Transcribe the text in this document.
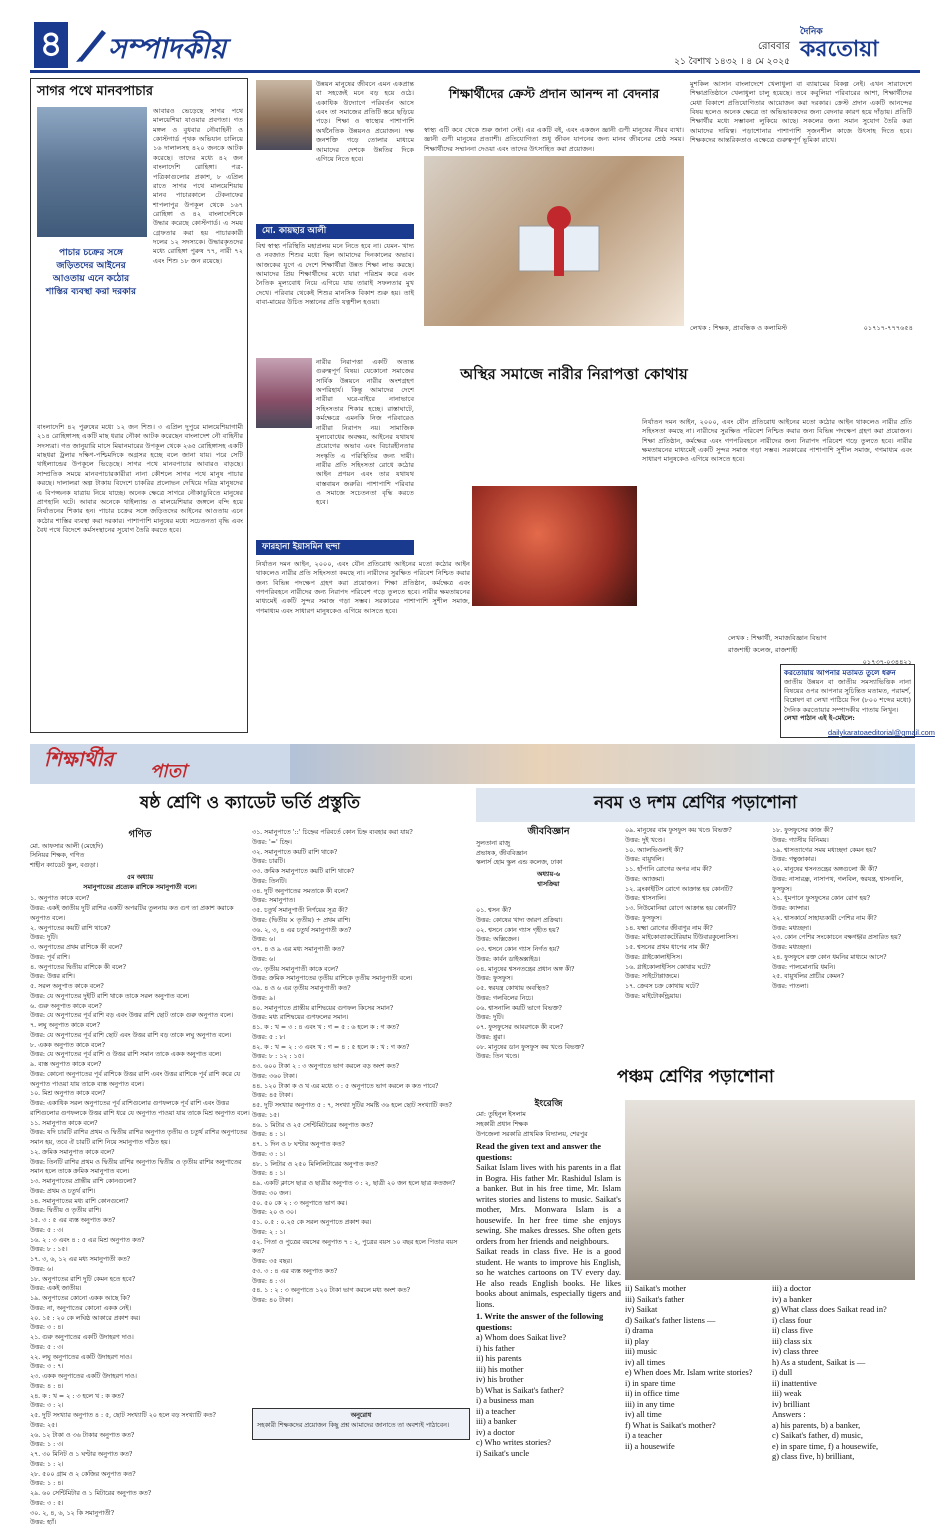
৪ সম্পাদকীয়	রোববার
২১ বৈশাখ ১৪৩২ । ৪ মে ২০২৫
দৈনিক
করতোয়া
সাগর পথে মানবপাচার
পাচার চক্রের সঙ্গে জড়িতদের আইনের আওতায় এনে কঠোর শাস্তির ব্যবস্থা করা দরকার
আবারও ভেড়েছে সাগর পথে মালয়েশিয়া যাওয়ার প্রবণতা। গত মঙ্গল ও বুধবার নৌবাহিনী ও কোস্টগার্ড পৃথক অভিযান চালিয়ে ১৬ দালালসহ ৪২০ জনকে আটক করেছে। তাদের মধ্যে ৪২ জন বাংলাদেশি রোহিঙ্গা। পত্র-পত্রিকাগুলোর প্রকাশ, ৮ এপ্রিল রাতে সাগর পথে মালয়েশিয়ায় মানব পাচারকালে টেকনাফের শাপলাপুর উপকূল থেকে ১৬৭ রোহিঙ্গা ও ৪২ বাংলাদেশিকে উদ্ধার করেছে কোস্টগার্ড। এ সময় গ্রেফতার করা হয় পাচারকারী দলের ১২ সদস্যকে। উদ্ধারকৃতদের মধ্যে রোহিঙ্গা পুরুষ ৭৭, নারী ৭২ এবং শিশু ১৮ জন রয়েছে।
বাংলাদেশি ৪২ পুরুষের মধ্যে ১২ জন শিশু। ৩ এপ্রিল দুপুরে মালয়েশিয়াগামী ২১৪ রোহিঙ্গাসহ একটি মাছ ধরার নৌকা আটক করেছেন বাংলাদেশ নৌ বাহিনীর সদস্যরা। গত জানুয়ারি মাসে মিয়ানমারের উপকূল থেকে ২৬৫ রোহিঙ্গাসহ একটি মাছধরা ট্রলার দক্ষিণ-পশ্চিমদিকে অগ্রসর হচ্ছে বলে জানা যায়। পরে সেটি থাইল্যান্ডের উপকূলে ভিড়েছে। সাগর পথে মানবপাচার আবারও বাড়ছে। সাম্প্রতিক সময়ে মানবপাচারকারীরা নানা কৌশলে সাগর পথে মানুষ পাচার করছে। দালালরা অল্প টাকায় বিদেশে চাকরির প্রলোভন দেখিয়ে দরিদ্র মানুষদের এ বিপজ্জনক যাত্রায় নিয়ে যাচ্ছে। অনেক ক্ষেত্রে সাগরে নৌকাডুবিতে মানুষের প্রাণহানি ঘটে। আবার অনেকে থাইল্যান্ড ও মালয়েশিয়ার জঙ্গলে বন্দি হয়ে নির্যাতনের শিকার হন। পাচার চক্রের সঙ্গে জড়িতদের আইনের আওতায় এনে কঠোর শাস্তির ব্যবস্থা করা দরকার। পাশাপাশি মানুষের মধ্যে সচেতনতা বৃদ্ধি এবং বৈধ পথে বিদেশে কর্মসংস্থানের সুযোগ তৈরি করতে হবে।
উন্নয়ন মানুষের জীবনে এমন একপ্রান্ত যা সহজেই মনে বড় হয়ে ওঠে। একাধিক উদ্যোগে পরিবর্তন আসে এবং তা সমাজের প্রতিটি স্তরে ছড়িয়ে পড়ে। শিক্ষা ও স্বাস্থ্যের পাশাপাশি অর্থনৈতিক উন্নয়নও প্রয়োজন। দক্ষ জনশক্তি গড়ে তোলার মাধ্যমে আমাদের দেশকে উন্নতির দিকে এগিয়ে নিতে হবে।
মো. কায়ছার আলী
বিশ্ব স্বাস্থ্য পরিস্থিতি মহাপ্রলয় মনে নিতে হবে না। যেমন- খাদ্য ও নবজাত শিশুর মধ্যে ছিল আমাদের দিনকালের অভাব। আজকের যুগে এ দেশে শিক্ষার্থীরা উন্নত শিক্ষা লাভ করছে। আমাদের প্রিয় শিক্ষার্থীদের মধ্যে যারা পরিশ্রম করে এবং নৈতিক মূল্যবোধ নিয়ে এগিয়ে যায় তারাই সফলতার মুখ দেখে। পরিবার থেকেই শিশুর মানসিক বিকাশ শুরু হয়। তাই বাবা-মায়ের উচিত সন্তানের প্রতি যত্নশীল হওয়া।
শিক্ষার্থীদের ক্রেস্ট প্রদান আনন্দ না বেদনার
স্বাস্থ্য এটি কবে থেকে শুরু জানা নেই। এর একটি বই, এবং একজন জ্ঞানী গুণী মানুষের নীরব ব্যথা। জ্ঞানী গুণী মানুষের প্রত্যাশী। প্রতিযোগিতা শুধু জীবন যাপনের জন্য মানব জীবনের শ্রেষ্ঠ সময়। শিক্ষার্থীদের সম্মাননা দেওয়া এবং তাদের উৎসাহিত করা প্রয়োজন।
মুশকিল আসান বাংলাদেশে খেলাধুলা বা ব্যায়ামের বিকল্প নেই। এখন সারাদেশে শিক্ষাপ্রতিষ্ঠানে খেলাধুলা চালু হয়েছে। তবে কবুলিয়া পরিবারের আশা, শিক্ষার্থীদের মেধা বিকাশে প্রতিযোগিতার আয়োজন করা দরকার। ক্রেস্ট প্রদান একটি আনন্দের বিষয় হলেও অনেক ক্ষেত্রে তা অভিভাবকদের জন্য বেদনার কারণ হয়ে দাঁড়ায়। প্রতিটি শিক্ষার্থীর মধ্যে সম্ভাবনা লুকিয়ে আছে। সকলের জন্য সমান সুযোগ তৈরি করা আমাদের দায়িত্ব। পড়াশোনার পাশাপাশি সৃজনশীল কাজে উৎসাহ দিতে হবে। শিক্ষকদের আন্তরিকতাও এক্ষেত্রে গুরুত্বপূর্ণ ভূমিকা রাখে।
লেখক : শিক্ষক, প্রাবন্ধিক ও কলামিস্ট	০১৭১৭-৭৭৭৬৫৪
নারীর নিরাপত্তা একটি অত্যন্ত গুরুত্বপূর্ণ বিষয়। যেকোনো সমাজের সার্বিক উন্নয়নে নারীর অংশগ্রহণ অপরিহার্য। কিন্তু আমাদের দেশে নারীরা ঘরে-বাইরে নানাভাবে সহিংসতার শিকার হচ্ছে। রাস্তাঘাটে, কর্মক্ষেত্রে এমনকি নিজ পরিবারেও নারীরা নিরাপদ নয়। সামাজিক মূল্যবোধের অবক্ষয়, আইনের যথাযথ প্রয়োগের অভাব এবং বিচারহীনতার সংস্কৃতি এ পরিস্থিতির জন্য দায়ী। নারীর প্রতি সহিংসতা রোধে কঠোর আইন প্রণয়ন এবং তার যথাযথ বাস্তবায়ন জরুরি। পাশাপাশি পরিবার ও সমাজে সচেতনতা বৃদ্ধি করতে হবে।
ফারহানা ইয়াসমিন ছন্দা
অস্থির সমাজে নারীর নিরাপত্তা কোথায়
নির্যাতন দমন আইন, ২০০০, এবং যৌন প্রতিরোধ আইনের মতো কঠোর আইন থাকলেও নারীর প্রতি সহিংসতা কমছে না। নারীদের সুরক্ষিত পরিবেশ নিশ্চিত করার জন্য বিভিন্ন পদক্ষেপ গ্রহণ করা প্রয়োজন। শিক্ষা প্রতিষ্ঠান, কর্মক্ষেত্র এবং গণপরিবহনে নারীদের জন্য নিরাপদ পরিবেশ গড়ে তুলতে হবে। নারীর ক্ষমতায়নের মাধ্যমেই একটি সুন্দর সমাজ গড়া সম্ভব। সরকারের পাশাপাশি সুশীল সমাজ, গণমাধ্যম এবং সাধারণ মানুষকেও এগিয়ে আসতে হবে।
নির্যাতন দমন আইন, ২০০০, এবং যৌন প্রতিরোধ আইনের মতো কঠোর আইন থাকলেও নারীর প্রতি সহিংসতা কমছে না। নারীদের সুরক্ষিত পরিবেশ নিশ্চিত করার জন্য বিভিন্ন পদক্ষেপ গ্রহণ করা প্রয়োজন। শিক্ষা প্রতিষ্ঠান, কর্মক্ষেত্র এবং গণপরিবহনে নারীদের জন্য নিরাপদ পরিবেশ গড়ে তুলতে হবে। নারীর ক্ষমতায়নের মাধ্যমেই একটি সুন্দর সমাজ গড়া সম্ভব। সরকারের পাশাপাশি সুশীল সমাজ, গণমাধ্যম এবং সাধারণ মানুষকেও এগিয়ে আসতে হবে।
লেখক : শিক্ষার্থী, সমাজবিজ্ঞান বিভাগ
রাজশাহী কলেজ, রাজশাহী
০১৭৩৭-০৩৪৪২১
করতোয়ায় আপনার মতামত তুলে ধরুন
জাতীয় উন্নয়ন বা জাতীয় সমস্যাভিত্তিক নানা বিষয়ের ওপর আপনার সুচিন্তিত মতামত, পরামর্শ, বিশ্লেষণ বা লেখা পাঠিয়ে দিন (৮০০ শব্দের মধ্যে) দৈনিক করতোয়ার সম্পাদকীয় পাতায় লিখুন।
লেখা পাঠান এই ই-মেইলে:
dailykaratoaeditorial@gmail.com
শিক্ষার্থীর
পাতা
ষষ্ঠ শ্রেণি ও ক্যাডেট ভর্তি প্রস্তুতি
গণিত
মো. আফসার আলী (মেহেদি)
সিনিয়র শিক্ষক, গণিত
শাহীন ক্যাডেট স্কুল, বগুড়া।
৫ম অধ্যায়
সমানুপাতের প্রত্যেক রাশিকে সমানুপাতী বলে।
১. অনুপাত কাকে বলে?
উত্তর: একই জাতীয় দুটি রাশির একটি অপরটির তুলনায় কত গুণ তা প্রকাশ করাকে অনুপাত বলে।
২. অনুপাতের কয়টি রাশি থাকে?
উত্তর: দুটি।
৩. অনুপাতের প্রথম রাশিকে কী বলে?
উত্তর: পূর্ব রাশি।
৪. অনুপাতের দ্বিতীয় রাশিকে কী বলে?
উত্তর: উত্তর রাশি।
৫. সরল অনুপাত কাকে বলে?
উত্তর: যে অনুপাতের দুইটি রাশি থাকে তাকে সরল অনুপাত বলে।
৬. গুরু অনুপাত কাকে বলে?
উত্তর: যে অনুপাতের পূর্ব রাশি বড় এবং উত্তর রাশি ছোট তাকে গুরু অনুপাত বলে।
৭. লঘু অনুপাত কাকে বলে?
উত্তর: যে অনুপাতের পূর্ব রাশি ছোট এবং উত্তর রাশি বড় তাকে লঘু অনুপাত বলে।
৮. একক অনুপাত কাকে বলে?
উত্তর: যে অনুপাতের পূর্ব রাশি ও উত্তর রাশি সমান তাকে একক অনুপাত বলে।
৯. ব্যস্ত অনুপাত কাকে বলে?
উত্তর: কোনো অনুপাতের পূর্ব রাশিকে উত্তর রাশি এবং উত্তর রাশিকে পূর্ব রাশি করে যে অনুপাত পাওয়া যায় তাকে ব্যস্ত অনুপাত বলে।
১০. মিশ্র অনুপাত কাকে বলে?
উত্তর: একাধিক সরল অনুপাতের পূর্ব রাশিগুলোর গুণফলকে পূর্ব রাশি এবং উত্তর রাশিগুলোর গুণফলকে উত্তর রাশি ধরে যে অনুপাত পাওয়া যায় তাকে মিশ্র অনুপাত বলে।
১১. সমানুপাত কাকে বলে?
উত্তর: যদি চারটি রাশির প্রথম ও দ্বিতীয় রাশির অনুপাত তৃতীয় ও চতুর্থ রাশির অনুপাতের সমান হয়, তবে ঐ চারটি রাশি নিয়ে সমানুপাত গঠিত হয়।
১২. ক্রমিক সমানুপাত কাকে বলে?
উত্তর: তিনটি রাশির প্রথম ও দ্বিতীয় রাশির অনুপাত দ্বিতীয় ও তৃতীয় রাশির অনুপাতের সমান হলে তাকে ক্রমিক সমানুপাত বলে।
১৩. সমানুপাতের প্রান্তীয় রাশি কোনগুলো?
উত্তর: প্রথম ও চতুর্থ রাশি।
১৪. সমানুপাতের মধ্য রাশি কোনগুলো?
উত্তর: দ্বিতীয় ও তৃতীয় রাশি।
১৫. ৩ : ৫ এর ব্যস্ত অনুপাত কত?
উত্তর: ৫ : ৩।
১৬. ২ : ৩ এবং ৪ : ৫ এর মিশ্র অনুপাত কত?
উত্তর: ৮ : ১৫।
১৭. ৩, ৬, ১২ এর মধ্য সমানুপাতী কত?
উত্তর: ৬।
১৮. অনুপাতের রাশি দুটি কেমন হতে হবে?
উত্তর: একই জাতীয়।
১৯. অনুপাতের কোনো একক আছে কি?
উত্তর: না, অনুপাতের কোনো একক নেই।
২০. ১৫ : ২০ কে লঘিষ্ঠ আকারে প্রকাশ কর।
উত্তর: ৩ : ৪।
২১. গুরু অনুপাতের একটি উদাহরণ দাও।
উত্তর: ৫ : ৩।
২২. লঘু অনুপাতের একটি উদাহরণ দাও।
উত্তর: ৩ : ৭।
২৩. একক অনুপাতের একটি উদাহরণ দাও।
উত্তর: ৪ : ৪।
২৪. ক : খ = ২ : ৩ হলে খ : ক কত?
উত্তর: ৩ : ২।
২৫. দুটি সংখ্যার অনুপাত ৪ : ৫, ছোট সংখ্যাটি ২০ হলে বড় সংখ্যাটি কত?
উত্তর: ২৫।
২৬. ১২ টাকা ও ৩৬ টাকার অনুপাত কত?
উত্তর: ১ : ৩।
২৭. ৩০ মিনিট ও ১ ঘণ্টার অনুপাত কত?
উত্তর: ১ : ২।
২৮. ৫০০ গ্রাম ও ২ কেজির অনুপাত কত?
উত্তর: ১ : ৪।
২৯. ৬০ সেন্টিমিটার ও ১ মিটারের অনুপাত কত?
উত্তর: ৩ : ৫।
৩০. ২, ৪, ৬, ১২ কি সমানুপাতী?
উত্তর: হ্যাঁ।
৩১. সমানুপাতে '::' চিহ্নের পরিবর্তে কোন চিহ্ন ব্যবহার করা যায়?
উত্তর: '=' চিহ্ন।
৩২. সমানুপাতে কয়টি রাশি থাকে?
উত্তর: চারটি।
৩৩. ক্রমিক সমানুপাতে কয়টি রাশি থাকে?
উত্তর: তিনটি।
৩৪. দুটি অনুপাতের সমতাকে কী বলে?
উত্তর: সমানুপাত।
৩৫. চতুর্থ সমানুপাতী নির্ণয়ের সূত্র কী?
উত্তর: (দ্বিতীয় × তৃতীয়) ÷ প্রথম রাশি।
৩৬. ২, ৩, ৪ এর চতুর্থ সমানুপাতী কত?
উত্তর: ৬।
৩৭. ৪ ও ৯ এর মধ্য সমানুপাতী কত?
উত্তর: ৬।
৩৮. তৃতীয় সমানুপাতী কাকে বলে?
উত্তর: ক্রমিক সমানুপাতের তৃতীয় রাশিকে তৃতীয় সমানুপাতী বলে।
৩৯. ৪ ও ৬ এর তৃতীয় সমানুপাতী কত?
উত্তর: ৯।
৪০. সমানুপাতে প্রান্তীয় রাশিদ্বয়ের গুণফল কিসের সমান?
উত্তর: মধ্য রাশিদ্বয়ের গুণফলের সমান।
৪১. ক : খ = ৩ : ৪ এবং খ : গ = ৫ : ৬ হলে ক : গ কত?
উত্তর: ৫ : ৮।
৪২. ক : খ = ২ : ৩ এবং খ : গ = ৪ : ৫ হলে ক : খ : গ কত?
উত্তর: ৮ : ১২ : ১৫।
৪৩. ৬০০ টাকা ২ : ৩ অনুপাতে ভাগ করলে বড় অংশ কত?
উত্তর: ৩৬০ টাকা।
৪৪. ১২০ টাকা ক ও খ এর মধ্যে ৩ : ৫ অনুপাতে ভাগ করলে ক কত পাবে?
উত্তর: ৪৫ টাকা।
৪৫. দুটি সংখ্যার অনুপাত ৫ : ৭, সংখ্যা দুটির সমষ্টি ৩৬ হলে ছোট সংখ্যাটি কত?
উত্তর: ১৫।
৪৬. ১ মিটার ও ২৫ সেন্টিমিটারের অনুপাত কত?
উত্তর: ৪ : ১।
৪৭. ১ দিন ও ৮ ঘণ্টার অনুপাত কত?
উত্তর: ৩ : ১।
৪৮. ১ লিটার ও ২৫০ মিলিলিটারের অনুপাত কত?
উত্তর: ৪ : ১।
৪৯. একটি ক্লাসে ছাত্র ও ছাত্রীর অনুপাত ৩ : ২, ছাত্রী ২০ জন হলে ছাত্র কতজন?
উত্তর: ৩০ জন।
৫০. ৫০ কে ২ : ৩ অনুপাতে ভাগ কর।
উত্তর: ২০ ও ৩০।
৫১. ০.৫ : ০.২৫ কে সরল অনুপাতে প্রকাশ কর।
উত্তর: ২ : ১।
৫২. পিতা ও পুত্রের বয়সের অনুপাত ৭ : ২, পুত্রের বয়স ১০ বছর হলে পিতার বয়স কত?
উত্তর: ৩৫ বছর।
৫৩. ৩ : ৪ এর ব্যস্ত অনুপাত কত?
উত্তর: ৪ : ৩।
৫৪. ১ : ২ : ৩ অনুপাতে ১২০ টাকা ভাগ করলে মধ্য অংশ কত?
উত্তর: ৪০ টাকা।
অনুরোধ
সহকারী শিক্ষকদের প্রয়োজন কিছু প্রশ্ন আমাদের জানাতে তা অবশ্যই পাঠাবেন।
নবম ও দশম শ্রেণির পড়াশোনা
জীববিজ্ঞান
সুলতানা রাজু
প্রভাষক, জীববিজ্ঞান
স্কলার্স হোম স্কুল এন্ড কলেজ, ঢাকা
অধ্যায়-৬
শ্বাসক্রিয়া
০১. শ্বসন কী?
উত্তর: কোষের খাদ্য জারণ প্রক্রিয়া।
০২. শ্বসনে কোন গ্যাস গৃহীত হয়?
উত্তর: অক্সিজেন।
০৩. শ্বসনে কোন গ্যাস নির্গত হয়?
উত্তর: কার্বন ডাইঅক্সাইড।
০৪. মানুষের শ্বসনতন্ত্রের প্রধান অঙ্গ কী?
উত্তর: ফুসফুস।
০৫. স্বরযন্ত্র কোথায় অবস্থিত?
উত্তর: গলবিলের নিচে।
০৬. শ্বাসনালি কয়টি ভাগে বিভক্ত?
উত্তর: দুটি।
০৭. ফুসফুসের আবরণকে কী বলে?
উত্তর: প্লুরা।
০৮. মানুষের ডান ফুসফুস কয় খণ্ডে বিভক্ত?
উত্তর: তিন খণ্ডে।
০৯. মানুষের বাম ফুসফুস কয় খণ্ডে বিভক্ত?
উত্তর: দুই খণ্ডে।
১০. অ্যালভিওলাই কী?
উত্তর: বায়ুথলি।
১১. হাঁপানি রোগের অপর নাম কী?
উত্তর: অ্যাজমা।
১২. ব্রংকাইটিস রোগে আক্রান্ত হয় কোনটি?
উত্তর: শ্বাসনালি।
১৩. নিউমোনিয়া রোগে আক্রান্ত হয় কোনটি?
উত্তর: ফুসফুস।
১৪. যক্ষ্মা রোগের জীবাণুর নাম কী?
উত্তর: মাইকোব্যাকটেরিয়াম টিউবারকুলোসিস।
১৫. শ্বসনের প্রথম ধাপের নাম কী?
উত্তর: গ্লাইকোলাইসিস।
১৬. গ্লাইকোলাইসিস কোথায় ঘটে?
উত্তর: সাইটোপ্লাজমে।
১৭. ক্রেবস চক্র কোথায় ঘটে?
উত্তর: মাইটোকন্ড্রিয়ায়।
১৮. ফুসফুসের কাজ কী?
উত্তর: গ্যাসীয় বিনিময়।
১৯. শ্বাসত্যাগের সময় মধ্যচ্ছদা কেমন হয়?
উত্তর: গম্বুজাকার।
২০. মানুষের শ্বসনতন্ত্রের অঙ্গগুলো কী কী?
উত্তর: নাসারন্ধ্র, নাসাপথ, গলবিল, স্বরযন্ত্র, শ্বাসনালি, ফুসফুস।
২১. ধূমপানে ফুসফুসের কোন রোগ হয়?
উত্তর: ক্যান্সার।
২২. শ্বাসকার্যে সাহায্যকারী পেশির নাম কী?
উত্তর: মধ্যচ্ছদা।
২৩. কোন পেশির সংকোচনে বক্ষগহ্বর প্রসারিত হয়?
উত্তর: মধ্যচ্ছদা।
২৪. ফুসফুসে রক্ত কোন ধমনির মাধ্যমে আসে?
উত্তর: পালমোনারি ধমনি।
২৫. বায়ুথলির প্রাচীর কেমন?
উত্তর: পাতলা।
পঞ্চম শ্রেণির পড়াশোনা
ইংরেজি
মো: তুহিনুল ইসলাম
সহকারী প্রধান শিক্ষক
উপজেলা সরকারি প্রাথমিক বিদ্যালয়, শেরপুর
Read the given text and answer the questions:
Saikat Islam lives with his parents in a flat in Bogra. His father Mr. Rashidul Islam is a banker. But in his free time, Mr. Islam writes stories and listens to music. Saikat's mother, Mrs. Monwara Islam is a housewife. In her free time she enjoys sewing. She makes dresses. She often gets orders from her friends and neighbours.
Saikat reads in class five. He is a good student. He wants to improve his English, so he watches cartoons on TV every day. He also reads English books. He likes books about animals, especially tigers and lions.
1. Write the answer of the following questions:
a) Whom does Saikat live?
i) his father
ii) his parents
iii) his mother
iv) his brother
b) What is Saikat's father?
i) a business man
ii) a teacher
iii) a banker
iv) a doctor
c) Who writes stories?
i) Saikat's uncle
ii) Saikat's mother
iii) Saikat's father
iv) Saikat
d) Saikat's father listens —
i) drama
ii) play
iii) music
iv) all times
e) When does Mr. Islam write stories?
i) in spare time
ii) in office time
iii) in any time
iv) all time
f) What is Saikat's mother?
i) a teacher
ii) a housewife
iii) a doctor
iv) a banker
g) What class does Saikat read in?
i) class four
ii) class five
iii) class six
iv) class three
h) As a student, Saikat is —
i) dull
ii) inattentive
iii) weak
iv) brilliant
Answers :
a) his parents, b) a banker,
c) Saikat's father, d) music,
e) in spare time, f) a housewife,
g) class five, h) brilliant,
